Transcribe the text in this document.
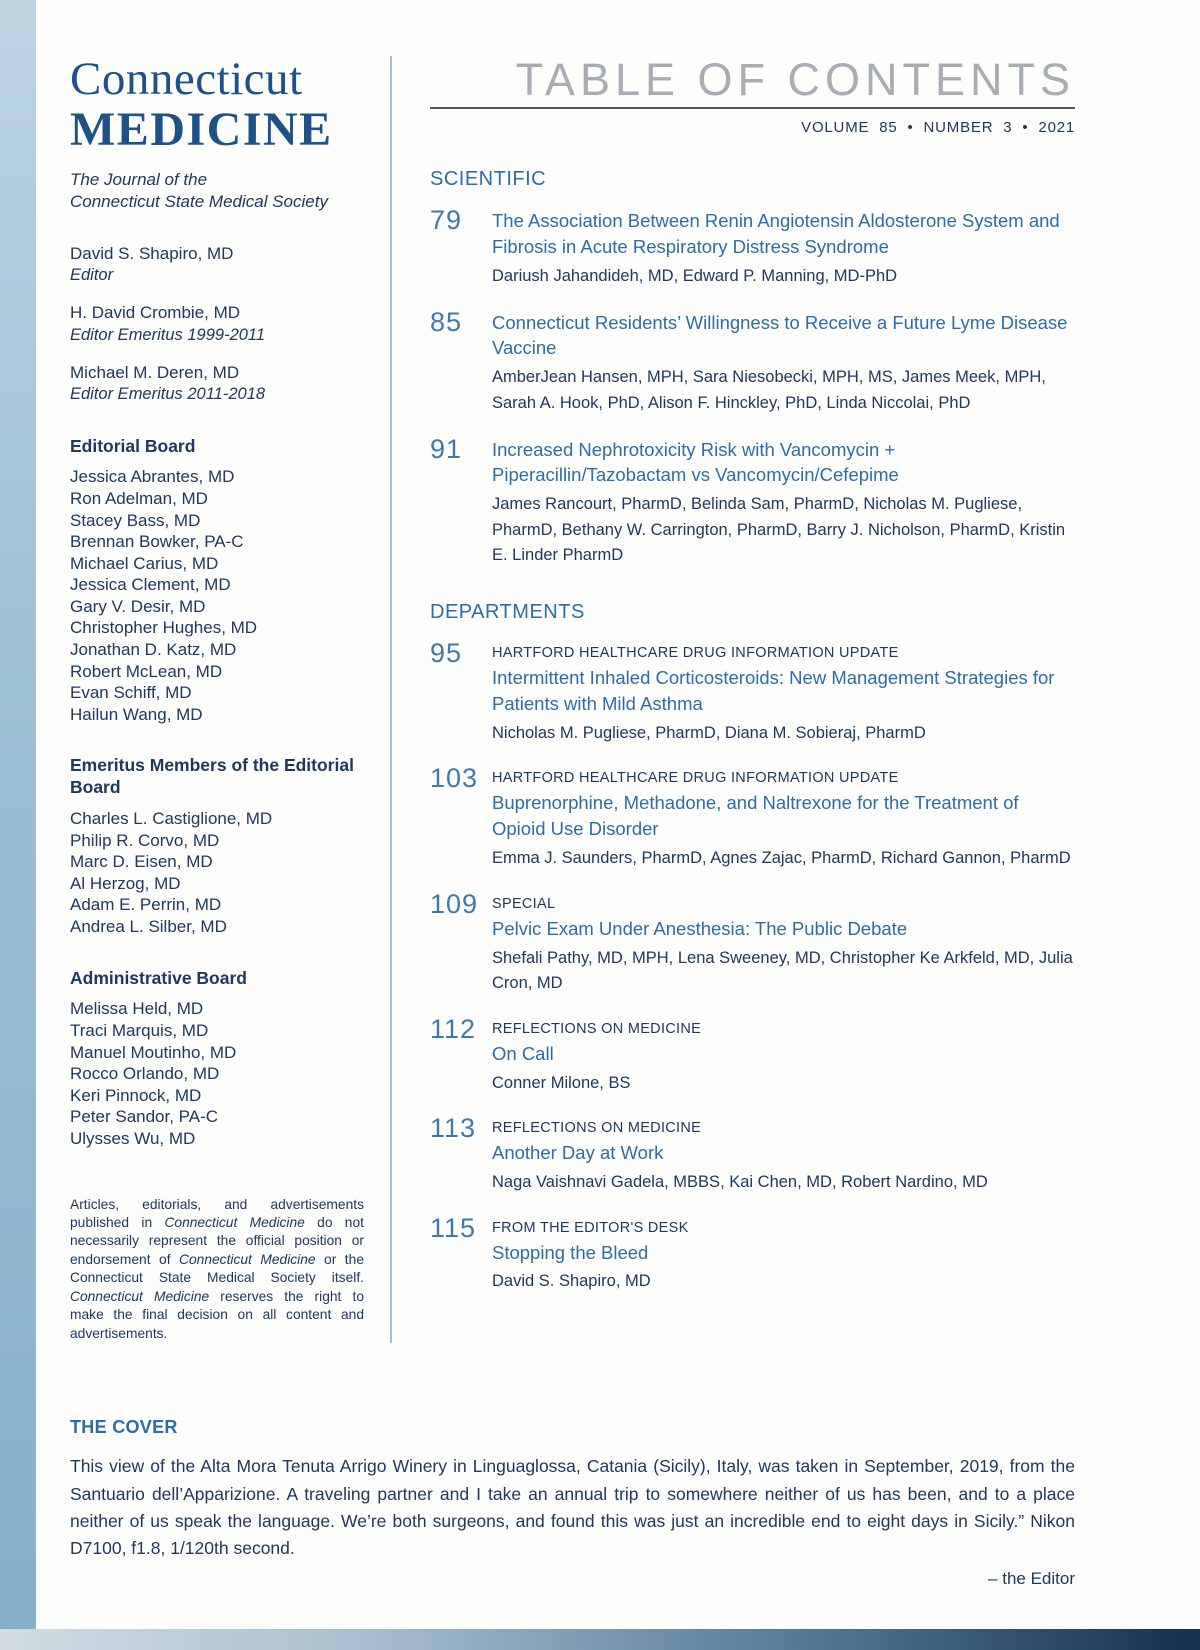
Connecticut
MEDICINE
The Journal of the
Connecticut State Medical Society
David S. Shapiro, MD
Editor
H. David Crombie, MD
Editor Emeritus 1999-2011
Michael M. Deren, MD
Editor Emeritus 2011-2018
Editorial Board
Jessica Abrantes, MD
Ron Adelman, MD
Stacey Bass, MD
Brennan Bowker, PA-C
Michael Carius, MD
Jessica Clement, MD
Gary V. Desir, MD
Christopher Hughes, MD
Jonathan D. Katz, MD
Robert McLean, MD
Evan Schiff, MD
Hailun Wang, MD
Emeritus Members of the Editorial Board
Charles L. Castiglione, MD
Philip R. Corvo, MD
Marc D. Eisen, MD
Al Herzog, MD
Adam E. Perrin, MD
Andrea L. Silber, MD
Administrative Board
Melissa Held, MD
Traci Marquis, MD
Manuel Moutinho, MD
Rocco Orlando, MD
Keri Pinnock, MD
Peter Sandor, PA-C
Ulysses Wu, MD
Articles, editorials, and advertisements published in Connecticut Medicine do not necessarily represent the official position or endorsement of Connecticut Medicine or the Connecticut State Medical Society itself. Connecticut Medicine reserves the right to make the final decision on all content and advertisements.
TABLE OF CONTENTS
VOLUME 85 • NUMBER 3 • 2021
SCIENTIFIC
79	The Association Between Renin Angiotensin Aldosterone System and Fibrosis in Acute Respiratory Distress Syndrome
Dariush Jahandideh, MD, Edward P. Manning, MD-PhD
85	Connecticut Residents’ Willingness to Receive a Future Lyme Disease Vaccine
AmberJean Hansen, MPH, Sara Niesobecki, MPH, MS, James Meek, MPH, Sarah A. Hook, PhD, Alison F. Hinckley, PhD, Linda Niccolai, PhD
91	Increased Nephrotoxicity Risk with Vancomycin + Piperacillin/Tazobactam vs Vancomycin/Cefepime
James Rancourt, PharmD, Belinda Sam, PharmD, Nicholas M. Pugliese, PharmD, Bethany W. Carrington, PharmD, Barry J. Nicholson, PharmD, Kristin E. Linder PharmD
DEPARTMENTS
95	HARTFORD HEALTHCARE DRUG INFORMATION UPDATE
Intermittent Inhaled Corticosteroids: New Management Strategies for Patients with Mild Asthma
Nicholas M. Pugliese, PharmD, Diana M. Sobieraj, PharmD
103 HARTFORD HEALTHCARE DRUG INFORMATION UPDATE
Buprenorphine, Methadone, and Naltrexone for the Treatment of Opioid Use Disorder
Emma J. Saunders, PharmD, Agnes Zajac, PharmD, Richard Gannon, PharmD
109 SPECIAL
Pelvic Exam Under Anesthesia: The Public Debate
Shefali Pathy, MD, MPH, Lena Sweeney, MD, Christopher Ke Arkfeld, MD, Julia Cron, MD
112	REFLECTIONS ON MEDICINE
On Call
Conner Milone, BS
113	REFLECTIONS ON MEDICINE
Another Day at Work
Naga Vaishnavi Gadela, MBBS, Kai Chen, MD, Robert Nardino, MD
115	FROM THE EDITOR'S DESK
Stopping the Bleed
David S. Shapiro, MD
THE COVER
This view of the Alta Mora Tenuta Arrigo Winery in Linguaglossa, Catania (Sicily), Italy, was taken in September, 2019, from the Santuario dell’Apparizione. A traveling partner and I take an annual trip to somewhere neither of us has been, and to a place neither of us speak the language. We’re both surgeons, and found this was just an incredible end to eight days in Sicily.” Nikon D7100, f1.8, 1/120th second.
– the Editor
